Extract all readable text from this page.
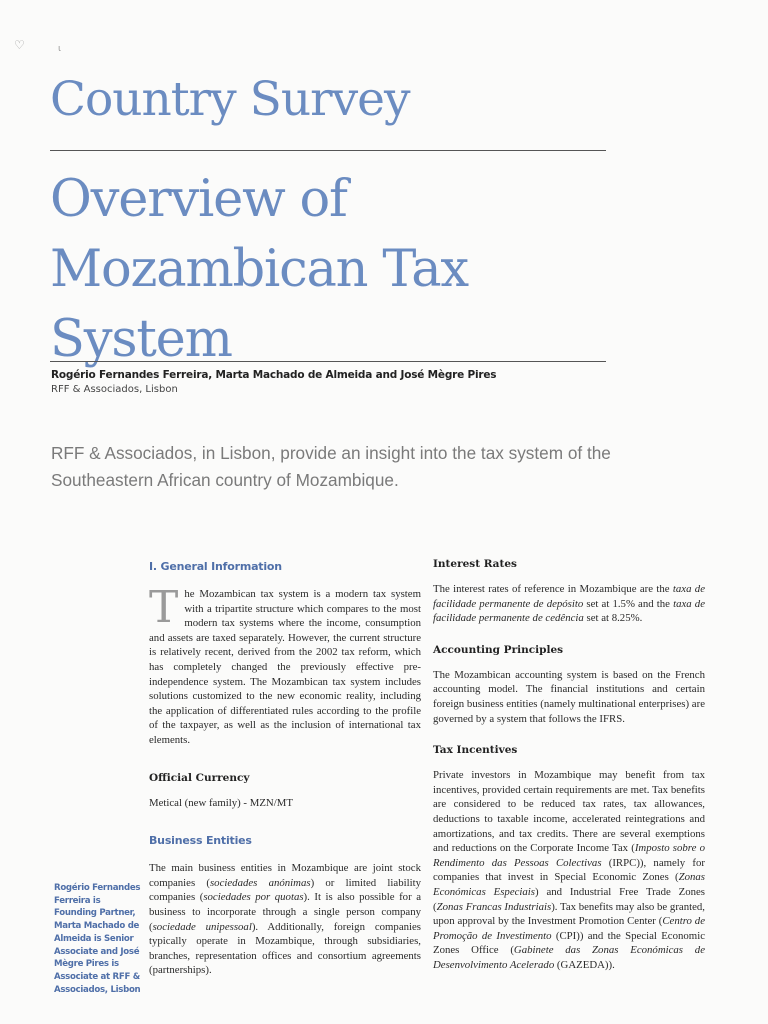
♡	ι
Country Survey
Overview of Mozambican Tax System
Rogério Fernandes Ferreira, Marta Machado de Almeida and José Mègre Pires
RFF & Associados, Lisbon

RFF & Associados, in Lisbon, provide an insight into the tax system of the Southeastern African country of Mozambique.

I. General Information

The Mozambican tax system is a modern tax system with a tripartite structure which compares to the most modern tax systems where the income, consumption and assets are taxed separately. However, the current structure is relatively recent, derived from the 2002 tax reform, which has completely changed the previously effective pre-independence system. The Mozambican tax system includes solutions customized to the new economic reality, including the application of differentiated rules according to the profile of the taxpayer, as well as the inclusion of international tax elements.

Official Currency

Metical (new family) - MZN/MT

Business Entities

The main business entities in Mozambique are joint stock companies (sociedades anónimas) or limited liability companies (sociedades por quotas). It is also possible for a business to incorporate through a single person company (sociedade unipessoal). Additionally, foreign companies typically operate in Mozambique, through subsidiaries, branches, representation offices and consortium agreements (partnerships).

Interest Rates

The interest rates of reference in Mozambique are the taxa de facilidade permanente de depósito set at 1.5% and the taxa de facilidade permanente de cedência set at 8.25%.

Accounting Principles

The Mozambican accounting system is based on the French accounting model. The financial institutions and certain foreign business entities (namely multinational enterprises) are governed by a system that follows the IFRS.

Tax Incentives

Private investors in Mozambique may benefit from tax incentives, provided certain requirements are met. Tax benefits are considered to be reduced tax rates, tax allowances, deductions to taxable income, accelerated reintegrations and amortizations, and tax credits. There are several exemptions and reductions on the Corporate Income Tax (Imposto sobre o Rendimento das Pessoas Colectivas (IRPC)), namely for companies that invest in Special Economic Zones (Zonas Económicas Especiais) and Industrial Free Trade Zones (Zonas Francas Industriais). Tax benefits may also be granted, upon approval by the Investment Promotion Center (Centro de Promoção de Investimento (CPI)) and the Special Economic Zones Office (Gabinete das Zonas Económicas de Desenvolvimento Acelerado (GAZEDA)).

Rogério Fernandes Ferreira is Founding Partner, Marta Machado de Almeida is Senior Associate and José Mègre Pires is Associate at RFF & Associados, Lisbon
